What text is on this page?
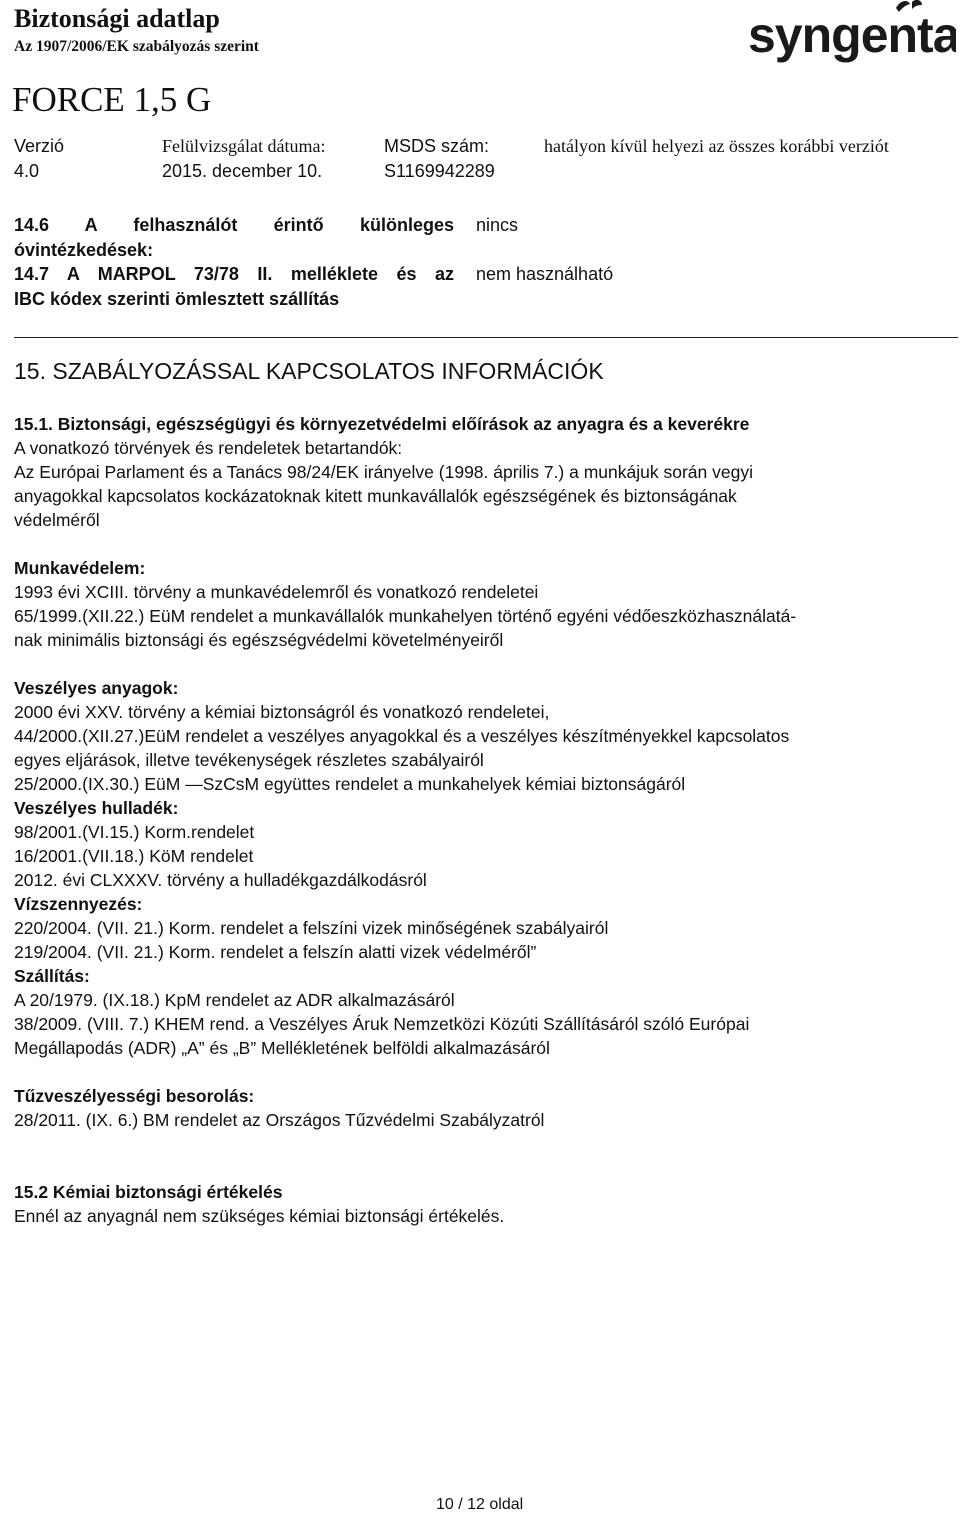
Biztonsági adatlap
Az 1907/2006/EK szabályozás szerint	syngenta
FORCE 1,5 G
Verzió
4.0
Felülvizsgálat dátuma:
2015. december 10.
MSDS szám:
S1169942289
hatályon kívül helyezi az összes korábbi verziót
14.6 A felhasználót érintő különleges
óvintézkedések:
nincs
14.7 A MARPOL 73/78 II. melléklete és az
IBC kódex szerinti ömlesztett szállítás
nem használható
15. SZABÁLYOZÁSSAL KAPCSOLATOS INFORMÁCIÓK
15.1. Biztonsági, egészségügyi és környezetvédelmi előírások az anyagra és a keverékre
A vonatkozó törvények és rendeletek betartandók:
Az Európai Parlament és a Tanács 98/24/EK irányelve (1998. április 7.) a munkájuk során vegyi
anyagokkal kapcsolatos kockázatoknak kitett munkavállalók egészségének és biztonságának
védelméről
Munkavédelem:
1993 évi XCIII. törvény a munkavédelemről és vonatkozó rendeletei
65/1999.(XII.22.) EüM rendelet a munkavállalók munkahelyen történő egyéni védőeszközhasználatá-
nak minimális biztonsági és egészségvédelmi követelményeiről
Veszélyes anyagok:
2000 évi XXV. törvény a kémiai biztonságról és vonatkozó rendeletei,
44/2000.(XII.27.)EüM rendelet a veszélyes anyagokkal és a veszélyes készítményekkel kapcsolatos
egyes eljárások, illetve tevékenységek részletes szabályairól
25/2000.(IX.30.) EüM —SzCsM együttes rendelet a munkahelyek kémiai biztonságáról
Veszélyes hulladék:
98/2001.(VI.15.) Korm.rendelet
16/2001.(VII.18.) KöM rendelet
2012. évi CLXXXV. törvény a hulladékgazdálkodásról
Vízszennyezés:
220/2004. (VII. 21.) Korm. rendelet a felszíni vizek minőségének szabályairól
219/2004. (VII. 21.) Korm. rendelet a felszín alatti vizek védelméről”
Szállítás:
A 20/1979. (IX.18.) KpM rendelet az ADR alkalmazásáról
38/2009. (VIII. 7.) KHEM rend. a Veszélyes Áruk Nemzetközi Közúti Szállításáról szóló Európai
Megállapodás (ADR) „A” és „B” Mellékletének belföldi alkalmazásáról
Tűzveszélyességi besorolás:
28/2011. (IX. 6.) BM rendelet az Országos Tűzvédelmi Szabályzatról
15.2 Kémiai biztonsági értékelés
Ennél az anyagnál nem szükséges kémiai biztonsági értékelés.
10 / 12 oldal
